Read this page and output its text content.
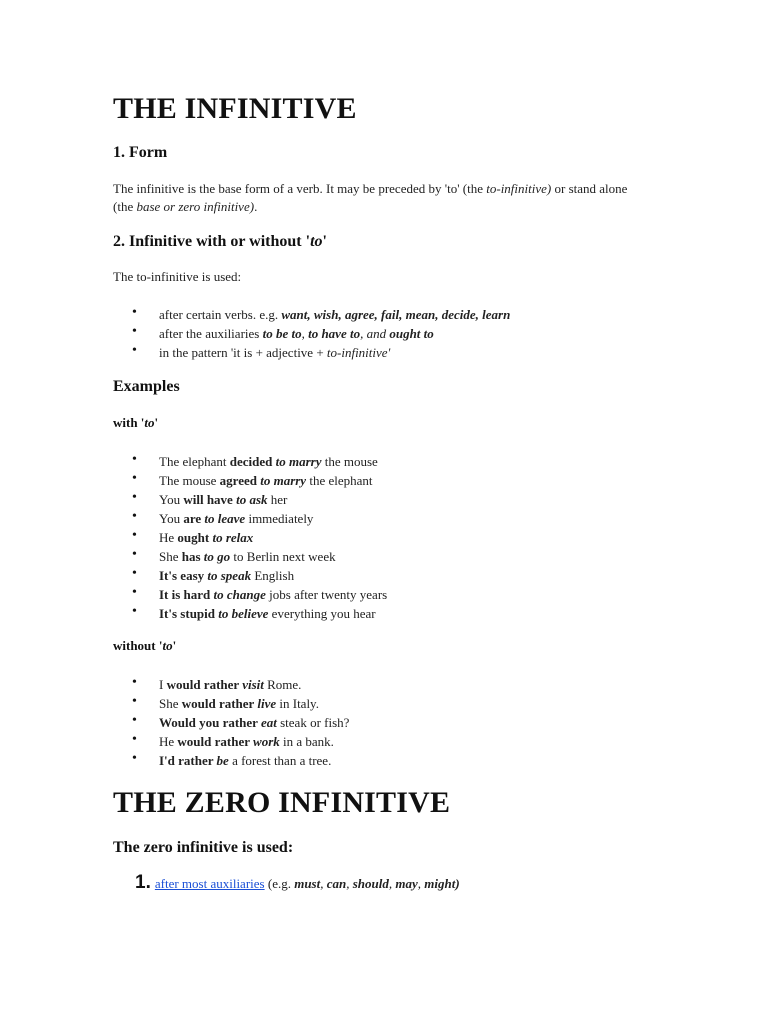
THE INFINITIVE
1. Form
The infinitive is the base form of a verb. It may be preceded by 'to' (the to-infinitive) or stand alone (the base or zero infinitive).
2. Infinitive with or without 'to'
The to-infinitive is used:
• after certain verbs. e.g. want, wish, agree, fail, mean, decide, learn
• after the auxiliaries to be to, to have to, and ought to
• in the pattern 'it is + adjective + to-infinitive'
Examples
with 'to'
• The elephant decided to marry the mouse
• The mouse agreed to marry the elephant
• You will have to ask her
• You are to leave immediately
• He ought to relax
• She has to go to Berlin next week
• It's easy to speak English
• It is hard to change jobs after twenty years
• It's stupid to believe everything you hear
without 'to'
• I would rather visit Rome.
• She would rather live in Italy.
• Would you rather eat steak or fish?
• He would rather work in a bank.
• I'd rather be a forest than a tree.
THE ZERO INFINITIVE
The zero infinitive is used:
1. after most auxiliaries (e.g. must, can, should, may, might)
